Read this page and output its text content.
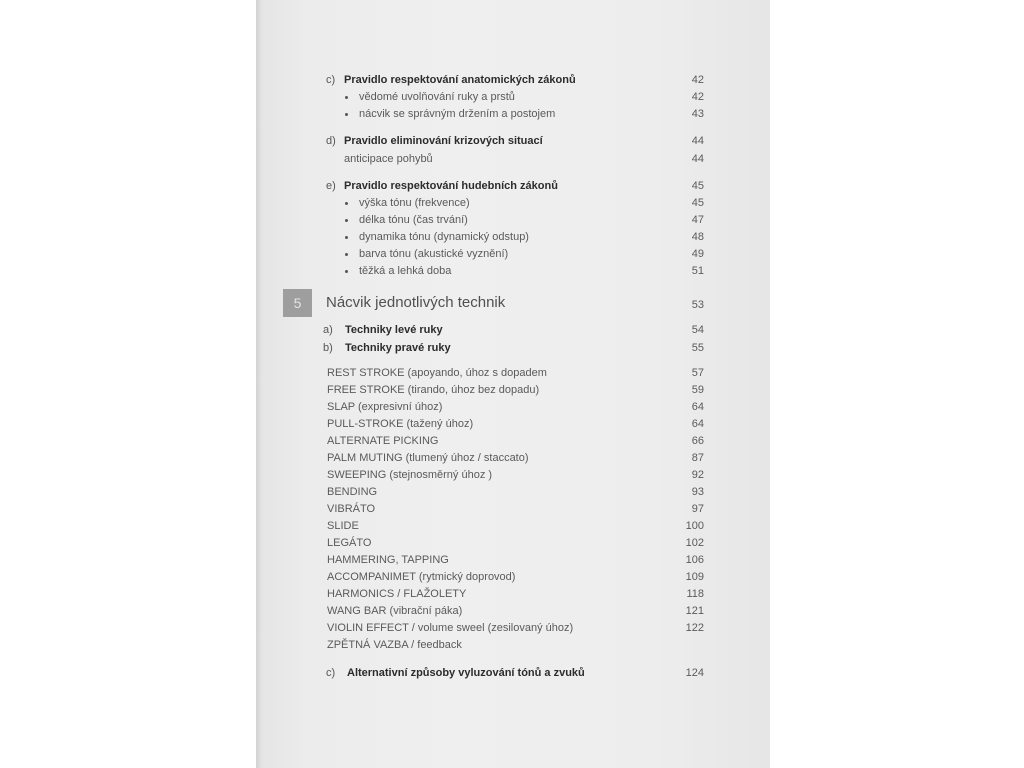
c) Pravidlo respektování anatomických zákonů	42
vědomé uvolňování ruky a prstů	42
nácvik se správným držením a postojem	43
d) Pravidlo eliminování krizových situací	44
anticipace pohybů	44
e) Pravidlo respektování hudebních zákonů	45
výška tónu (frekvence)	45
délka tónu (čas trvání)	47
dynamika tónu (dynamický odstup)	48
barva tónu (akustické vyznění)	49
těžká a lehká doba	51
5	Nácvik jednotlivých technik	53
a) Techniky levé ruky	54
b) Techniky pravé ruky	55
REST STROKE (apoyando, úhoz s dopadem	57
FREE STROKE (tirando, úhoz bez dopadu)	59
SLAP (expresivní úhoz)	64
PULL-STROKE (tažený úhoz)	64
ALTERNATE PICKING	66
PALM MUTING (tlumený úhoz / staccato)	87
SWEEPING (stejnosměrný úhoz )	92
BENDING	93
VIBRÁTO	97
SLIDE	100
LEGÁTO	102
HAMMERING, TAPPING	106
ACCOMPANIMET (rytmický doprovod)	109
HARMONICS / FLAŽOLETY	118
WANG BAR (vibrační páka)	121
VIOLIN EFFECT / volume sweel (zesilovaný úhoz)	122
ZPĚTNÁ VAZBA / feedback
c) Alternativní způsoby vyluzování tónů a zvuků	124
